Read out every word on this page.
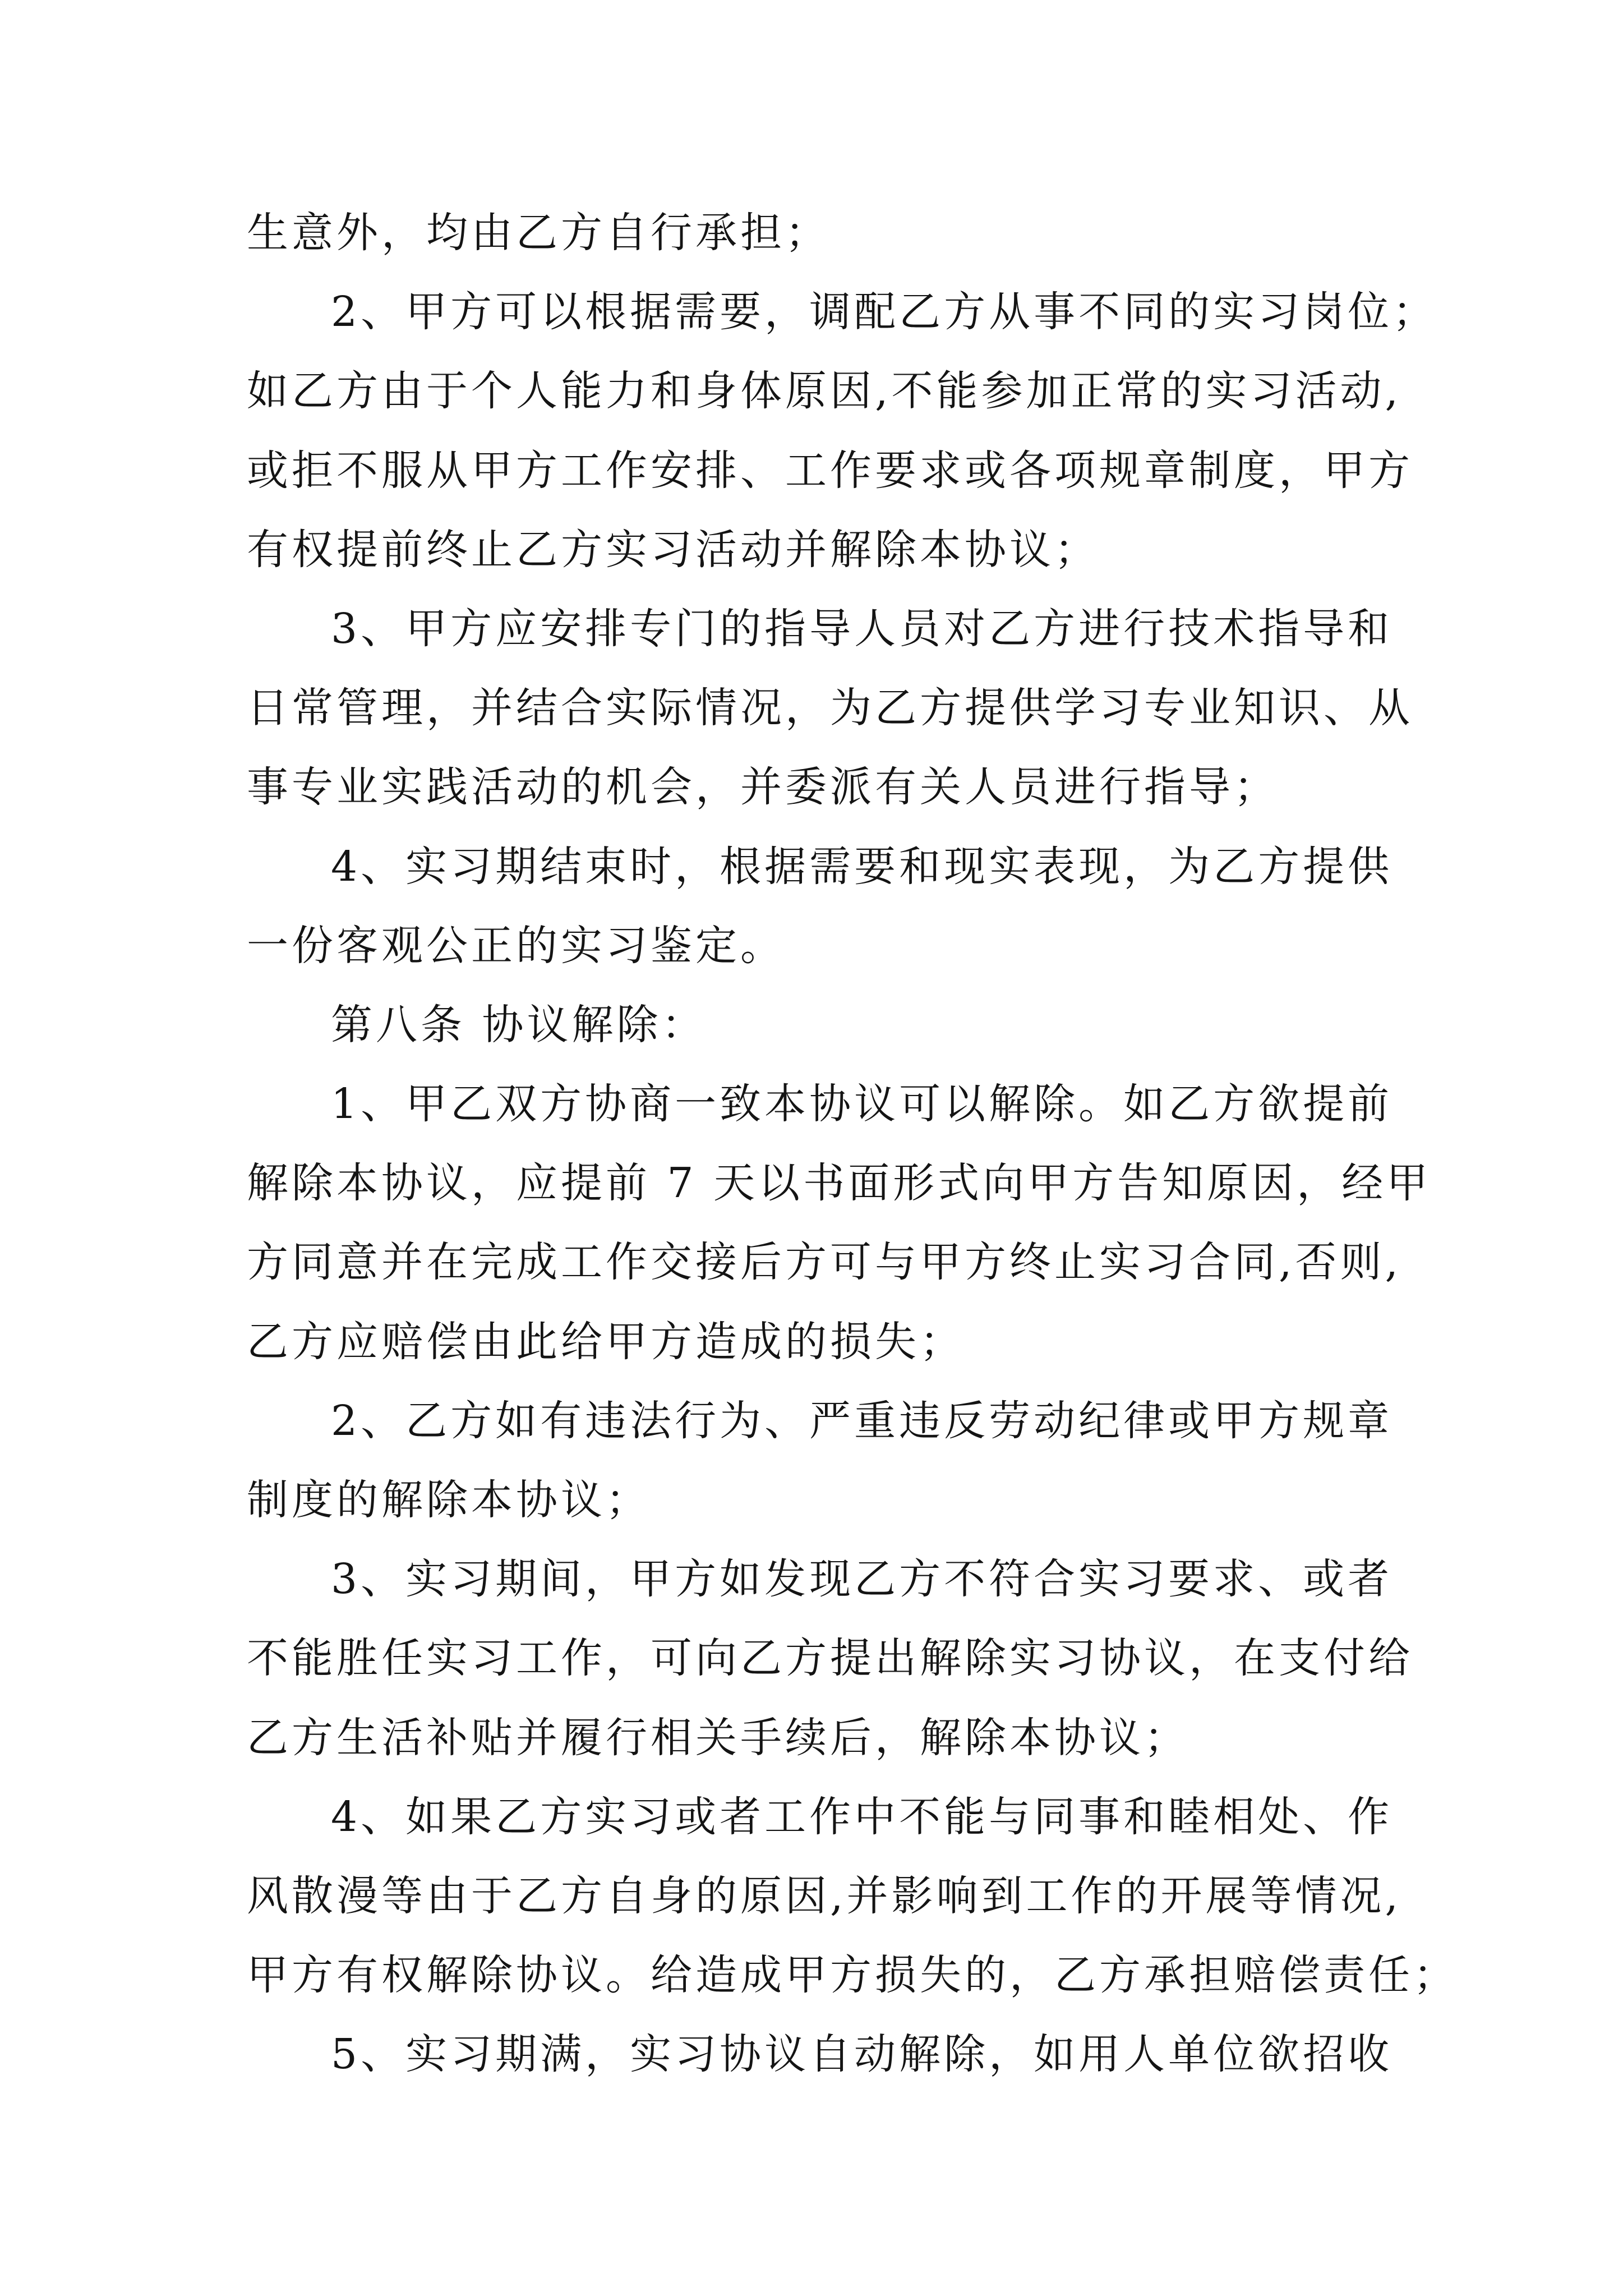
生意外，均由乙方自行承担；
2、甲方可以根据需要，调配乙方从事不同的实习岗位；
如乙方由于个人能力和身体原因,不能参加正常的实习活动,
或拒不服从甲方工作安排、工作要求或各项规章制度，甲方
有权提前终止乙方实习活动并解除本协议；
3、甲方应安排专门的指导人员对乙方进行技术指导和
日常管理，并结合实际情况，为乙方提供学习专业知识、从
事专业实践活动的机会，并委派有关人员进行指导；
4、实习期结束时，根据需要和现实表现，为乙方提供
一份客观公正的实习鉴定。
第八条 协议解除：
1、甲乙双方协商一致本协议可以解除。如乙方欲提前
解除本协议，应提前 7 天以书面形式向甲方告知原因，经甲
方同意并在完成工作交接后方可与甲方终止实习合同,否则,
乙方应赔偿由此给甲方造成的损失；
2、乙方如有违法行为、严重违反劳动纪律或甲方规章
制度的解除本协议；
3、实习期间，甲方如发现乙方不符合实习要求、或者
不能胜任实习工作，可向乙方提出解除实习协议，在支付给
乙方生活补贴并履行相关手续后，解除本协议；
4、如果乙方实习或者工作中不能与同事和睦相处、作
风散漫等由于乙方自身的原因,并影响到工作的开展等情况,
甲方有权解除协议。给造成甲方损失的，乙方承担赔偿责任；
5、实习期满，实习协议自动解除，如用人单位欲招收
